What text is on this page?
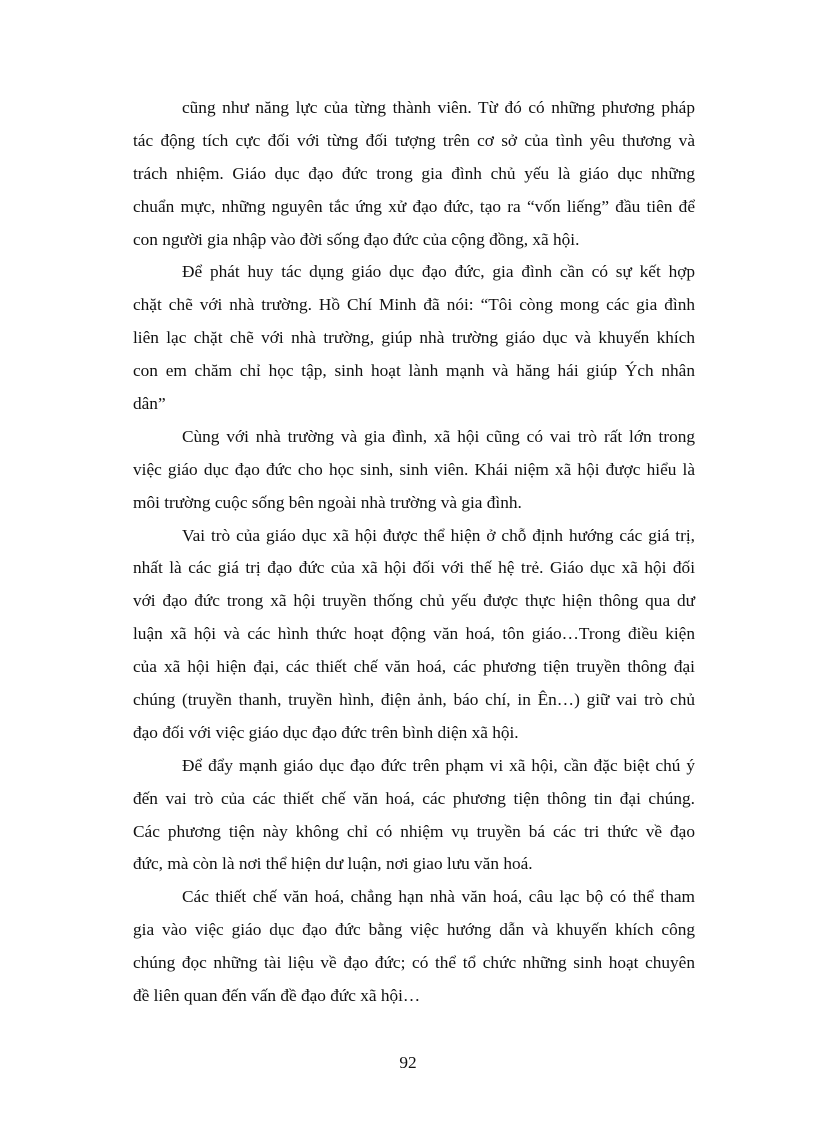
cũng như năng lực của từng thành viên. Từ đó có những phương pháp
tác động tích cực đối với từng đối tượng trên cơ sở của tình yêu thương và
trách nhiệm. Giáo dục đạo đức trong gia đình chủ yếu là giáo dục những
chuẩn mực, những nguyên tắc ứng xử đạo đức, tạo ra “vốn liếng” đầu tiên để
con người gia nhập vào đời sống đạo đức của cộng đồng, xã hội.
Để phát huy tác dụng giáo dục đạo đức, gia đình cần có sự kết hợp
chặt chẽ với nhà trường. Hồ Chí Minh đã nói: “Tôi còng mong các gia đình
liên lạc chặt chẽ với nhà trường, giúp nhà trường giáo dục và khuyến khích
con em chăm chỉ học tập, sinh hoạt lành mạnh và hăng hái giúp Ých nhân
dân”
Cùng với nhà trường và gia đình, xã hội cũng có vai trò rất lớn trong
việc giáo dục đạo đức cho học sinh, sinh viên. Khái niệm xã hội được hiểu là
môi trường cuộc sống bên ngoài nhà trường và gia đình.
Vai trò của giáo dục xã hội được thể hiện ở chỗ định hướng các giá trị,
nhất là các giá trị đạo đức của xã hội đối với thế hệ trẻ. Giáo dục xã hội đối
với đạo đức trong xã hội truyền thống chủ yếu được thực hiện thông qua dư
luận xã hội và các hình thức hoạt động văn hoá, tôn giáo…Trong điều kiện
của xã hội hiện đại, các thiết chế văn hoá, các phương tiện truyền thông đại
chúng (truyền thanh, truyền hình, điện ảnh, báo chí, in Ên…) giữ vai trò chủ
đạo đối với việc giáo dục đạo đức trên bình diện xã hội.
Để đẩy mạnh giáo dục đạo đức trên phạm vi xã hội, cần đặc biệt chú ý
đến vai trò của các thiết chế văn hoá, các phương tiện thông tin đại chúng.
Các phương tiện này không chỉ có nhiệm vụ truyền bá các tri thức về đạo
đức, mà còn là nơi thể hiện dư luận, nơi giao lưu văn hoá.
Các thiết chế văn hoá, chẳng hạn nhà văn hoá, câu lạc bộ có thể tham
gia vào việc giáo dục đạo đức bằng việc hướng dẫn và khuyến khích công
chúng đọc những tài liệu về đạo đức; có thể tổ chức những sinh hoạt chuyên
đề liên quan đến vấn đề đạo đức xã hội…
92
